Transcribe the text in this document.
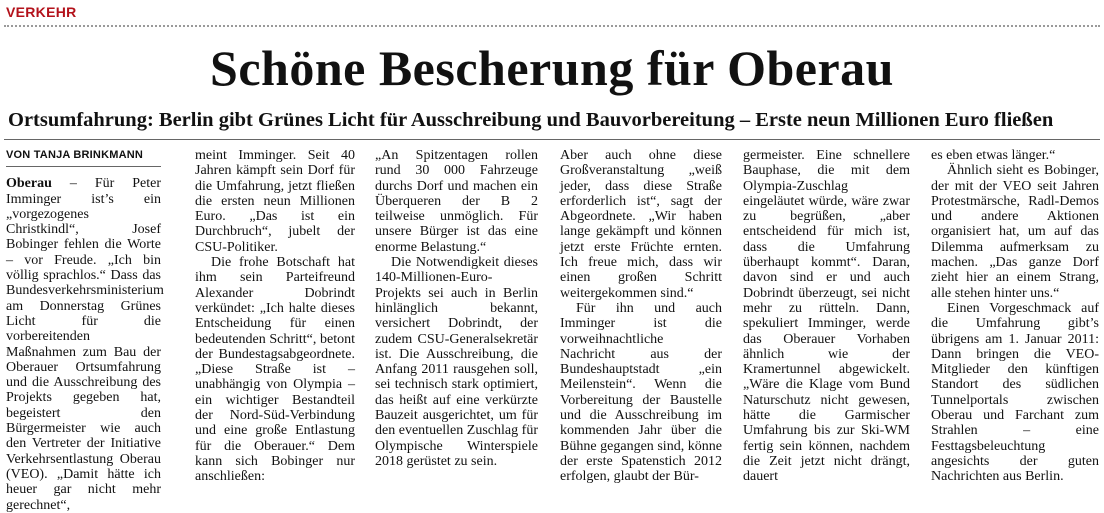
VERKEHR
Schöne Bescherung für Oberau
Ortsumfahrung: Berlin gibt Grünes Licht für Ausschreibung und Bauvorbereitung – Erste neun Millionen Euro fließen
VON TANJA BRINKMANN

Oberau – Für Peter Imminger ist’s ein „vorgezogenes Christkindl“, Josef Bobinger fehlen die Worte – vor Freude. „Ich bin völlig sprachlos.“ Dass das Bundesverkehrsministerium am Donnerstag Grünes Licht für die vorbereitenden Maßnahmen zum Bau der Oberauer Ortsumfahrung und die Ausschreibung des Projekts gegeben hat, begeistert den Bürgermeister wie auch den Vertreter der Initiative Verkehrsentlastung Oberau (VEO). „Damit hätte ich heuer gar nicht mehr gerechnet“,

meint Imminger. Seit 40 Jahren kämpft sein Dorf für die Umfahrung, jetzt fließen die ersten neun Millionen Euro. „Das ist ein Durchbruch“, jubelt der CSU-Politiker.

Die frohe Botschaft hat ihm sein Parteifreund Alexander Dobrindt verkündet: „Ich halte dieses Entscheidung für einen bedeutenden Schritt“, betont der Bundestagsabgeordnete. „Diese Straße ist – unabhängig von Olympia – ein wichtiger Bestandteil der Nord-Süd-Verbindung und eine große Entlastung für die Oberauer.“ Dem kann sich Bobinger nur anschließen:

„An Spitzentagen rollen rund 30 000 Fahrzeuge durchs Dorf und machen ein Überqueren der B 2 teilweise unmöglich. Für unsere Bürger ist das eine enorme Belastung.“

Die Notwendigkeit dieses 140-Millionen-Euro-Projekts sei auch in Berlin hinlänglich bekannt, versichert Dobrindt, der zudem CSU-Generalsekretär ist. Die Ausschreibung, die Anfang 2011 rausgehen soll, sei technisch stark optimiert, das heißt auf eine verkürzte Bauzeit ausgerichtet, um für den eventuellen Zuschlag für Olympische Winterspiele 2018 gerüstet zu sein.

Aber auch ohne diese Großveranstaltung „weiß jeder, dass diese Straße erforderlich ist“, sagt der Abgeordnete. „Wir haben lange gekämpft und können jetzt erste Früchte ernten. Ich freue mich, dass wir einen großen Schritt weitergekommen sind.“

Für ihn und auch Imminger ist die vorweihnachtliche Nachricht aus der Bundeshauptstadt „ein Meilenstein“. Wenn die Vorbereitung der Baustelle und die Ausschreibung im kommenden Jahr über die Bühne gegangen sind, könne der erste Spatenstich 2012 erfolgen, glaubt der Bür-

germeister. Eine schnellere Bauphase, die mit dem Olympia-Zuschlag eingeläutet würde, wäre zwar zu begrüßen, „aber entscheidend für mich ist, dass die Umfahrung überhaupt kommt“. Daran, davon sind er und auch Dobrindt überzeugt, sei nicht mehr zu rütteln. Dann, spekuliert Imminger, werde das Oberauer Vorhaben ähnlich wie der Kramertunnel abgewickelt. „Wäre die Klage vom Bund Naturschutz nicht gewesen, hätte die Garmischer Umfahrung bis zur Ski-WM fertig sein können, nachdem die Zeit jetzt nicht drängt, dauert

es eben etwas länger.“

Ähnlich sieht es Bobinger, der mit der VEO seit Jahren Protestmärsche, Radl-Demos und andere Aktionen organisiert hat, um auf das Dilemma aufmerksam zu machen. „Das ganze Dorf zieht hier an einem Strang, alle stehen hinter uns.“

Einen Vorgeschmack auf die Umfahrung gibt’s übrigens am 1. Januar 2011: Dann bringen die VEO-Mitglieder den künftigen Standort des südlichen Tunnelportals zwischen Oberau und Farchant zum Strahlen – eine Festtagsbeleuchtung angesichts der guten Nachrichten aus Berlin.
